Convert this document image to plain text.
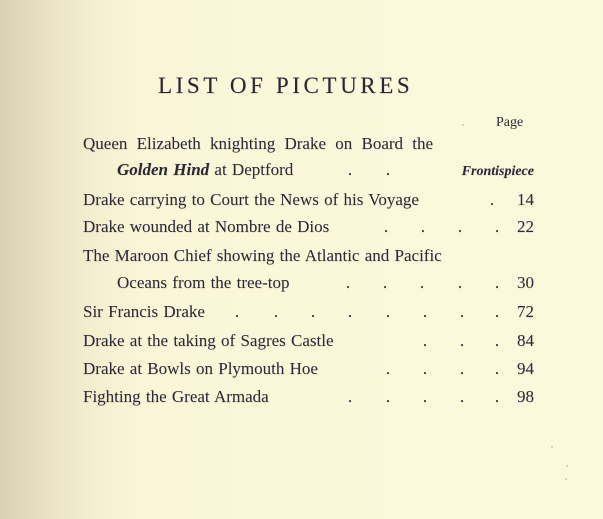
LIST OF PICTURES
Page
Queen Elizabeth knighting Drake on Board the
Golden Hind at Deptford	. .	Frontispiece
Drake carrying to Court the News of his Voyage	. 14
Drake wounded at Nombre de Dios	. . . . 22
The Maroon Chief showing the Atlantic and Pacific
Oceans from the tree-top	. . . . . 30
Sir Francis Drake . . . . . . . . 72
Drake at the taking of Sagres Castle	. . . 84
Drake at Bowls on Plymouth Hoe	. . . . 94
Fighting the Great Armada	. . . . . 98
